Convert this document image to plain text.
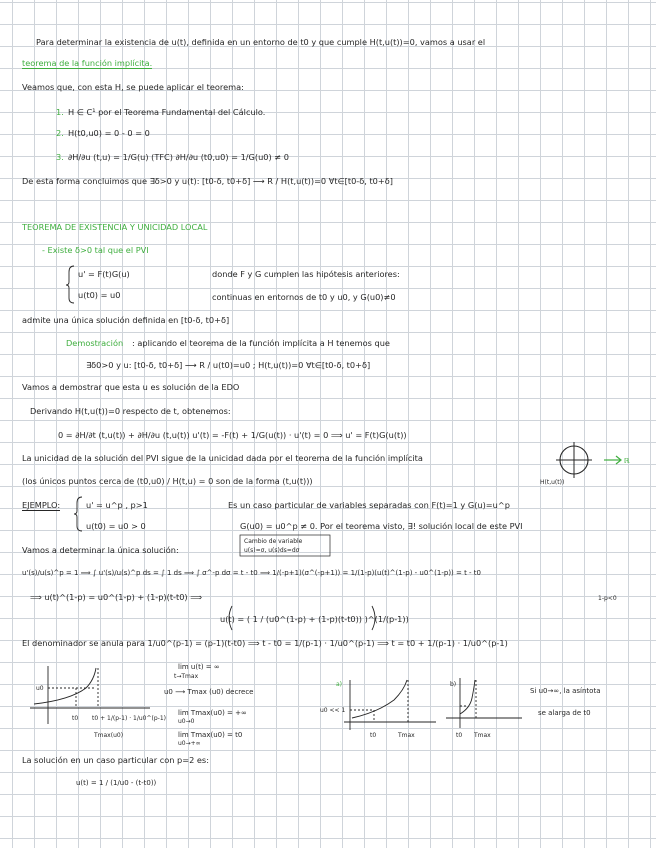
Para determinar la existencia de u(t), definida en un entorno de t0 y que cumple H(t,u(t))=0, vamos a usar el
teorema de la función implícita.
Veamos que, con esta H, se puede aplicar el teorema:
1. H ∈ C¹ por el Teorema Fundamental del Cálculo.
2. H(t0,u0) = 0 - 0 = 0
3. ∂H/∂u (t,u) = 1/G(u) (TFC) ∂H/∂u (t0,u0) = 1/G(u0) ≠ 0
De esta forma concluimos que ∃δ>0 y u(t): [t0-δ, t0+δ] ⟶ R / H(t,u(t))=0 ∀t∈[t0-δ, t0+δ]
TEOREMA DE EXISTENCIA Y UNICIDAD LOCAL
- Existe δ>0 tal que el PVI
u' = F(t)G(u)
u(t0) = u0
donde F y G cumplen las hipótesis anteriores:
continuas en entornos de t0 y u0, y G(u0)≠0
admite una única solución definida en [t0-δ, t0+δ]
Demostración : aplicando el teorema de la función implícita a H tenemos que
∃δ0>0 y u: [t0-δ, t0+δ] ⟶ R / u(t0)=u0 ; H(t,u(t))=0 ∀t∈[t0-δ, t0+δ]
Vamos a demostrar que esta u es solución de la EDO
Derivando H(t,u(t))=0 respecto de t, obtenemos:
0 = ∂H/∂t (t,u(t)) + ∂H/∂u (t,u(t)) u'(t) = -F(t) + 1/G(u(t)) · u'(t) = 0 ⟹ u' = F(t)G(u(t))
La unicidad de la solución del PVI sigue de la unicidad dada por el teorema de la función implícita
(los únicos puntos cerca de (t0,u0) / H(t,u) = 0 son de la forma (t,u(t)))	H(t,u(t))
EJEMPLO:	u' = u^p , p>1
u(t0) = u0 > 0
Es un caso particular de variables separadas con F(t)=1 y G(u)=u^p
G(u0) = u0^p ≠ 0. Por el teorema visto, ∃! solución local de este PVI
Vamos a determinar la única solución:
Cambio de variable
u(s)=σ, u(s)ds=dσ
u'(s)/u(s)^p = 1 ⟹ ∫ u'(s)/u(s)^p ds = ∫ 1 ds ⟹ ∫ σ^-p dσ = t - t0 ⟹ 1/(-p+1)(σ^(-p+1)) = 1/(1-p)(u(t)^(1-p) - u0^(1-p)) = t - t0
⟹ u(t)^(1-p) = u0^(1-p) + (1-p)(t-t0) ⟹
u(t) = ( 1 / (u0^(1-p) + (1-p)(t-t0)) )^(1/(p-1))
1-p<0
El denominador se anula para 1/u0^(p-1) = (p-1)(t-t0) ⟹ t - t0 = 1/(p-1) · 1/u0^(p-1) ⟹ t = t0 + 1/(p-1) · 1/u0^(p-1)
lim u(t) = ∞
t→Tmax
u0 ⟶ Tmax (u0) decrece
lim Tmax(u0) = +∞
u0→0
lim Tmax(u0) = t0
u0→+∞
u0
t0 t0 + 1/(p-1) · 1/u0^(p-1)
Tmax(u0)
a)
u0 << 1
t0	Tmax
b)
t0 Tmax
Si u0→∞, la asíntota
se alarga de t0
La solución en un caso particular con p=2 es:
u(t) = 1 / (1/u0 - (t-t0))
ℝ
